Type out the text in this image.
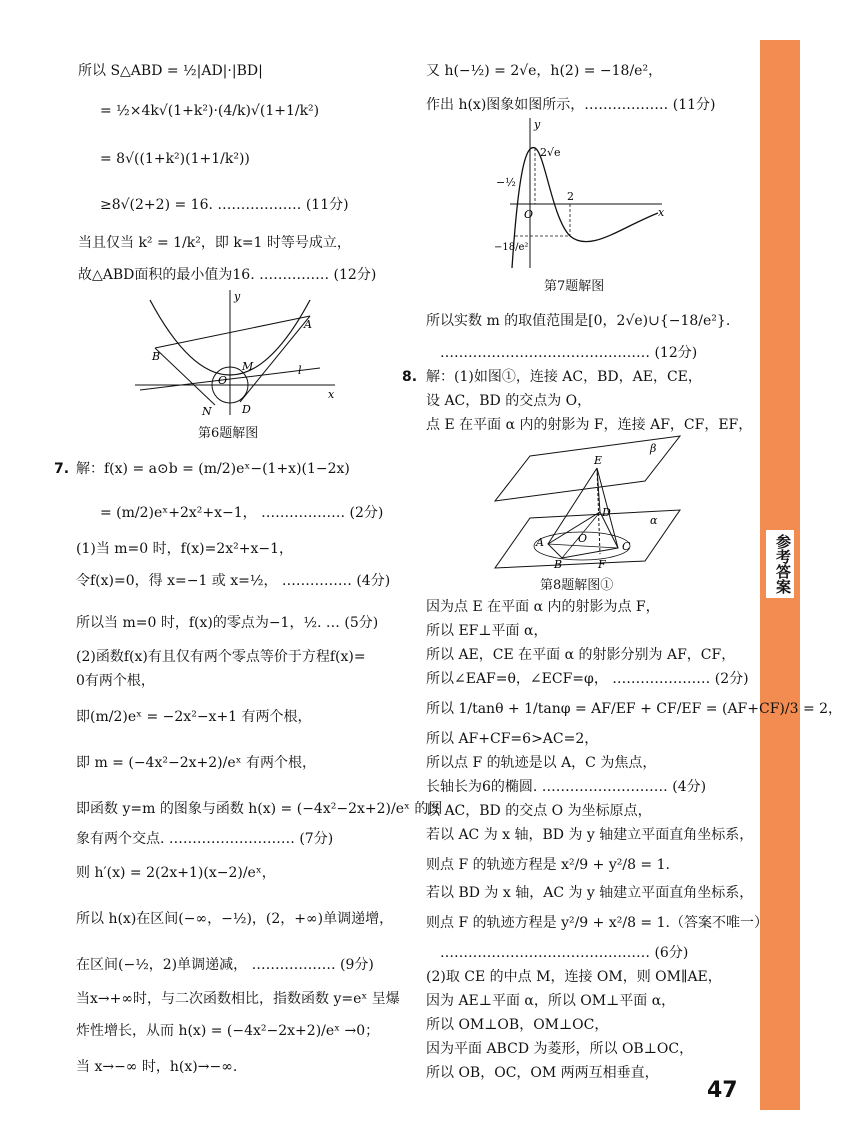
参考答案
所以 S△ABD = ½|AD|·|BD|
= ½×4k√(1+k²)·(4/k)√(1+1/k²)
= 8√((1+k²)(1+1/k²))
≥8√(2+2) = 16. ……………… (11分)
当且仅当 k² = 1/k²，即 k=1 时等号成立，
故△ABD面积的最小值为16. …………… (12分)
y
x
A
B
M
O
l
N	D
第6题解图
7. 解：f(x) = a⊙b = (m/2)eˣ−(1+x)(1−2x)
= (m/2)eˣ+2x²+x−1， ……………… (2分)
(1)当 m=0 时，f(x)=2x²+x−1，
令f(x)=0，得 x=−1 或 x=½， …………… (4分)
所以当 m=0 时，f(x)的零点为−1，½. … (5分)
(2)函数f(x)有且仅有两个零点等价于方程f(x)=
0有两个根，
即(m/2)eˣ = −2x²−x+1 有两个根，
即 m = (−4x²−2x+2)/eˣ 有两个根，
即函数 y=m 的图象与函数 h(x) = (−4x²−2x+2)/eˣ 的图
象有两个交点. ……………………… (7分)
则 h′(x) = 2(2x+1)(x−2)/eˣ，
所以 h(x)在区间(−∞，−½)，(2，+∞)单调递增，
在区间(−½，2)单调递减， ……………… (9分)
当x→+∞时，与二次函数相比，指数函数 y=eˣ 呈爆
炸性增长，从而 h(x) = (−4x²−2x+2)/eˣ →0；
当 x→−∞ 时，h(x)→−∞.
又 h(−½) = 2√e，h(2) = −18/e²，
作出 h(x)图象如图所示，……………… (11分)
y
x
2√e
−½
O
2
−18/e²
第7题解图
所以实数 m 的取值范围是[0，2√e)∪{−18/e²}.
……………………………………… (12分)
8. 解：(1)如图①，连接 AC，BD，AE，CE，
设 AC，BD 的交点为 O，
点 E 在平面 α 内的射影为 F，连接 AF，CF，EF，
β
α
E
D
A	O
C
B	F
第8题解图①
因为点 E 在平面 α 内的射影为点 F，
所以 EF⊥平面 α，
所以 AE，CE 在平面 α 的射影分别为 AF，CF，
所以∠EAF=θ，∠ECF=φ， ………………… (2分)
所以 1/tanθ + 1/tanφ = AF/EF + CF/EF = (AF+CF)/3 = 2，
所以 AF+CF=6>AC=2，
所以点 F 的轨迹是以 A，C 为焦点，
长轴长为6的椭圆. ……………………… (4分)
以 AC，BD 的交点 O 为坐标原点，
若以 AC 为 x 轴，BD 为 y 轴建立平面直角坐标系，
则点 F 的轨迹方程是 x²/9 + y²/8 = 1.
若以 BD 为 x 轴，AC 为 y 轴建立平面直角坐标系，
则点 F 的轨迹方程是 y²/9 + x²/8 = 1.（答案不唯一）
……………………………………… (6分)
(2)取 CE 的中点 M，连接 OM，则 OM∥AE，
因为 AE⊥平面 α，所以 OM⊥平面 α，
所以 OM⊥OB，OM⊥OC，
因为平面 ABCD 为菱形，所以 OB⊥OC，
所以 OB，OC，OM 两两互相垂直，
47
